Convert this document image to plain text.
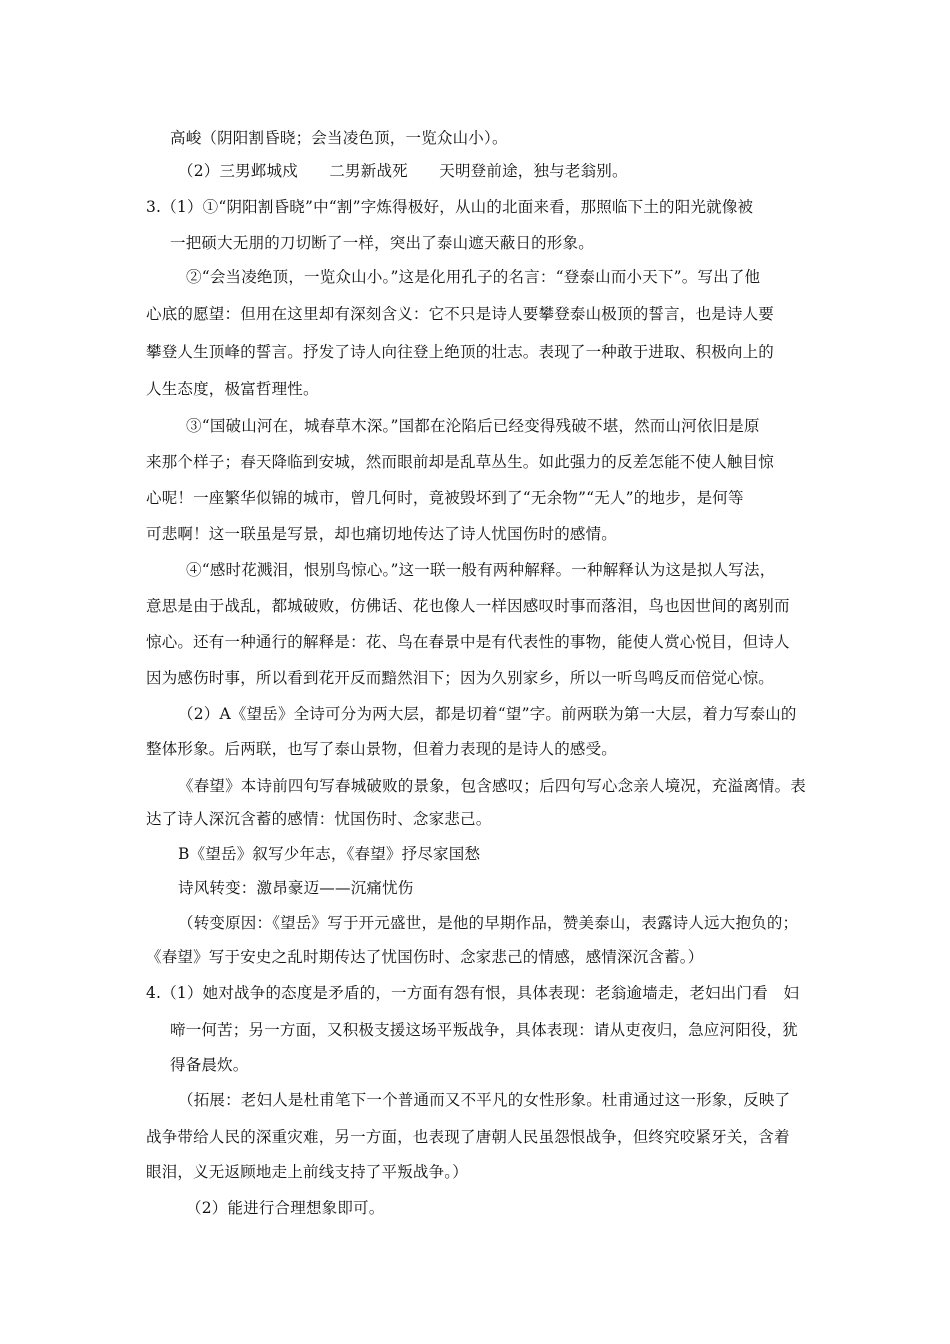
高峻（阴阳割昏晓；会当凌色顶，一览众山小）。
（2）三男邺城戍　　二男新战死　　天明登前途，独与老翁别。
3.（1）①“阴阳割昏晓”中“割”字炼得极好，从山的北面来看，那照临下土的阳光就像被
一把硕大无朋的刀切断了一样，突出了泰山遮天蔽日的形象。
②“会当凌绝顶，一览众山小。”这是化用孔子的名言：“登泰山而小天下”。写出了他
心底的愿望：但用在这里却有深刻含义：它不只是诗人要攀登泰山极顶的誓言，也是诗人要
攀登人生顶峰的誓言。抒发了诗人向往登上绝顶的壮志。表现了一种敢于进取、积极向上的
人生态度，极富哲理性。
③“国破山河在，城春草木深。”国都在沦陷后已经变得残破不堪，然而山河依旧是原
来那个样子；春天降临到安城，然而眼前却是乱草丛生。如此强力的反差怎能不使人触目惊
心呢！一座繁华似锦的城市，曾几何时，竟被毁坏到了“无余物”“无人”的地步，是何等
可悲啊！这一联虽是写景，却也痛切地传达了诗人忧国伤时的感情。
④“感时花溅泪，恨别鸟惊心。”这一联一般有两种解释。一种解释认为这是拟人写法，
意思是由于战乱，都城破败，仿佛话、花也像人一样因感叹时事而落泪，鸟也因世间的离别而
惊心。还有一种通行的解释是：花、鸟在春景中是有代表性的事物，能使人赏心悦目，但诗人
因为感伤时事，所以看到花开反而黯然泪下；因为久别家乡，所以一听鸟鸣反而倍觉心惊。
（2）A《望岳》全诗可分为两大层，都是切着“望”字。前两联为第一大层，着力写泰山的
整体形象。后两联，也写了泰山景物，但着力表现的是诗人的感受。
《春望》本诗前四句写春城破败的景象，包含感叹；后四句写心念亲人境况，充溢离情。表
达了诗人深沉含蓄的感情：忧国伤时、念家悲己。
B《望岳》叙写少年志，《春望》抒尽家国愁
诗风转变：激昂豪迈——沉痛忧伤
（转变原因：《望岳》写于开元盛世，是他的早期作品，赞美泰山，表露诗人远大抱负的；
《春望》写于安史之乱时期传达了忧国伤时、念家悲己的情感，感情深沉含蓄。）
4.（1）她对战争的态度是矛盾的，一方面有怨有恨，具体表现：老翁逾墙走，老妇出门看　妇
啼一何苦；另一方面，又积极支援这场平叛战争，具体表现：请从吏夜归，急应河阳役，犹
得备晨炊。
（拓展：老妇人是杜甫笔下一个普通而又不平凡的女性形象。杜甫通过这一形象，反映了
战争带给人民的深重灾难，另一方面，也表现了唐朝人民虽怨恨战争，但终究咬紧牙关，含着
眼泪，义无返顾地走上前线支持了平叛战争。）
（2）能进行合理想象即可。
